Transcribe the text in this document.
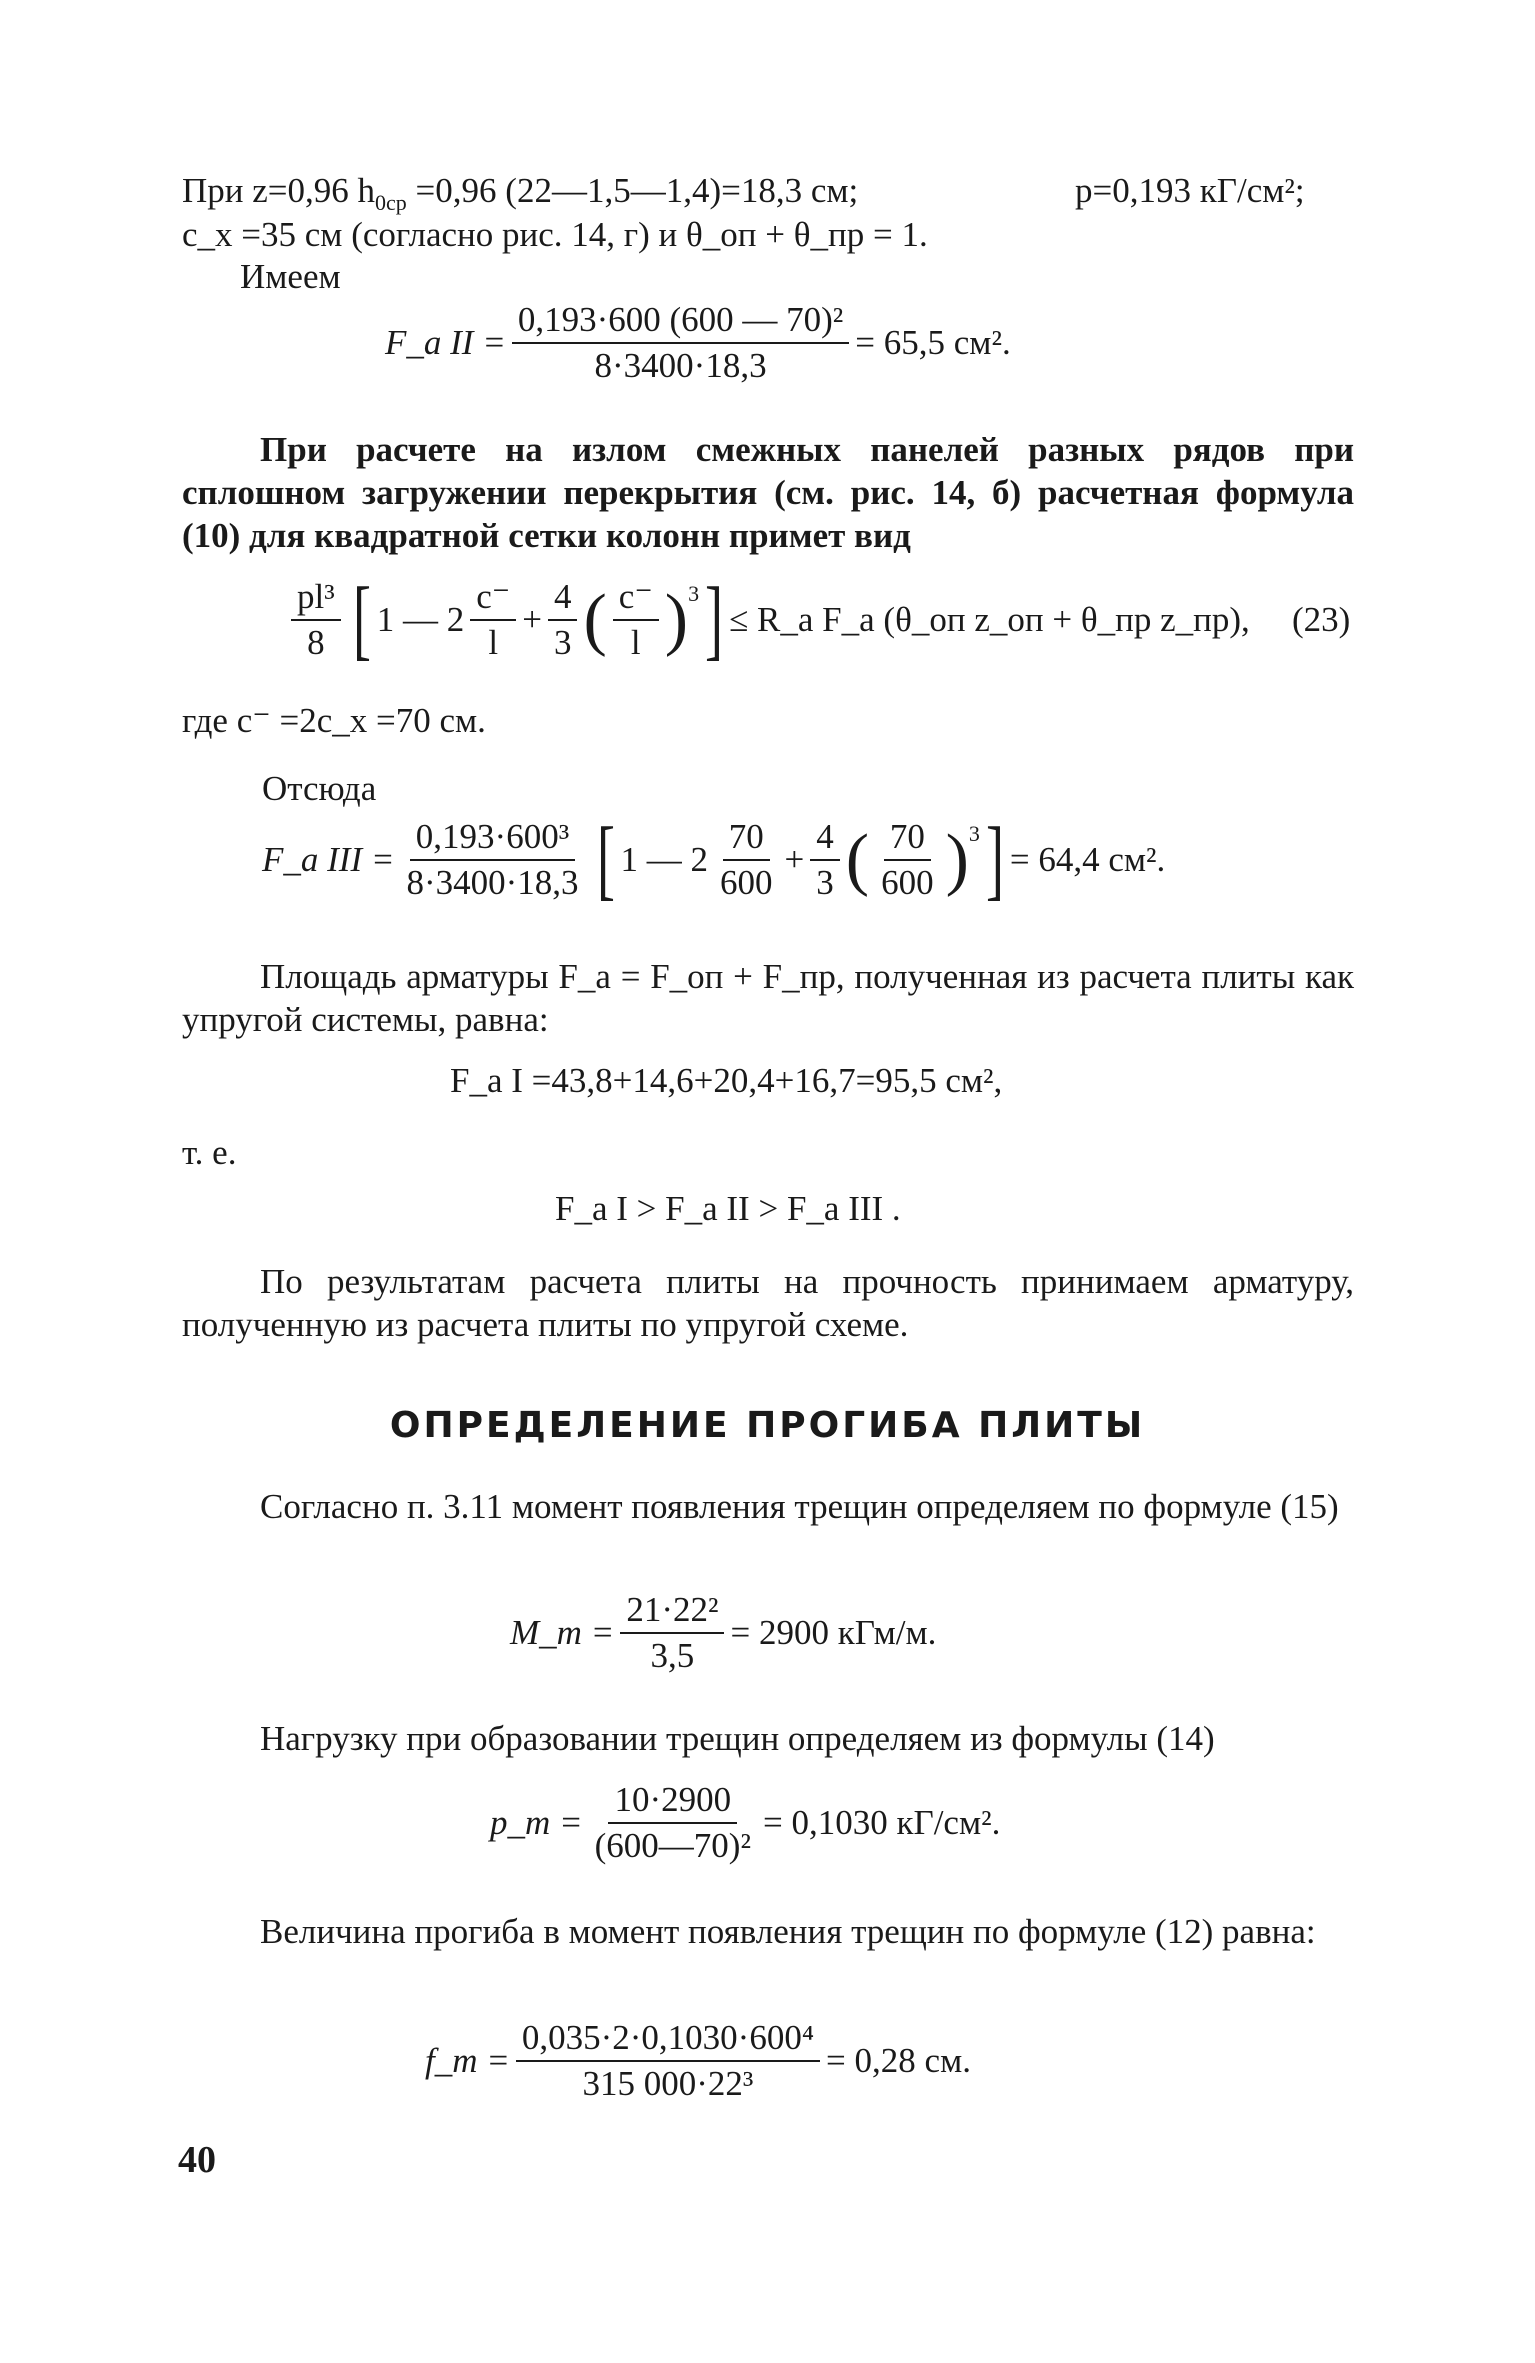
При z=0,96 $h_{0ср} =0,96$ (22—1,5—1,4)=18,3 см;	p=0,193 кГ/см²;
c_x =35 см (согласно рис. 14, г) и θ_оп + θ_пр = 1.
Имеем
F_a II = $\frac{\text{0,193·600 (600 — 70)²}}{8\cdot 3400\cdot 18,3} = 65,5$ см².
При расчете на излом смежных панелей разных рядов при сплошном загружении перекрытия (см. рис. 14, б) расчетная формула (10) для квадратной сетки колонн примет вид
$\frac{\text{pl³}}{8}$ [ 1 — $2 \frac{c^-}{l} + \frac{4}{3}$ ( $\frac{c^-}{l} )^3$ ] ≤ R_a F_a (θ_оп z_оп + θ_пр z_пр), (23)
где c⁻ =2c_x =70 см.
Отсюда
F_a III = $\frac{\text{0,193·600³}}{8\cdot 3400\cdot 18,3}$ [ 1 — $2 \frac{70}{600} + \frac{4}{3}$ ( $\frac{70}{600} )^3$ ] = 64,4 см².
Площадь арматуры F_a = F_оп + F_пр, полученная из расчета плиты как упругой системы, равна:
F_a I =43,8+14,6+20,4+16,7=95,5 см²,
т. е.
F_a I > F_a II > F_a III .
По результатам расчета плиты на прочность принимаем арматуру, полученную из расчета плиты по упругой схеме.
ОПРЕДЕЛЕНИЕ ПРОГИБА ПЛИТЫ
Согласно п. 3.11 момент появления трещин определяем по формуле (15)
M_т = $\frac{\text{21·22²}}{3,5} = 2900$ кГм/м.
Нагрузку при образовании трещин определяем из формулы (14)
p_т = $\frac{10\cdot 2900}{\text{(600—70)²}} = 0,1030$ кГ/см².
Величина прогиба в момент появления трещин по формуле (12) равна:
f_т = $\frac{\text{0,035·2·0,1030·600⁴}}{\text{315 000·22³}} = 0,28$ см.
40
